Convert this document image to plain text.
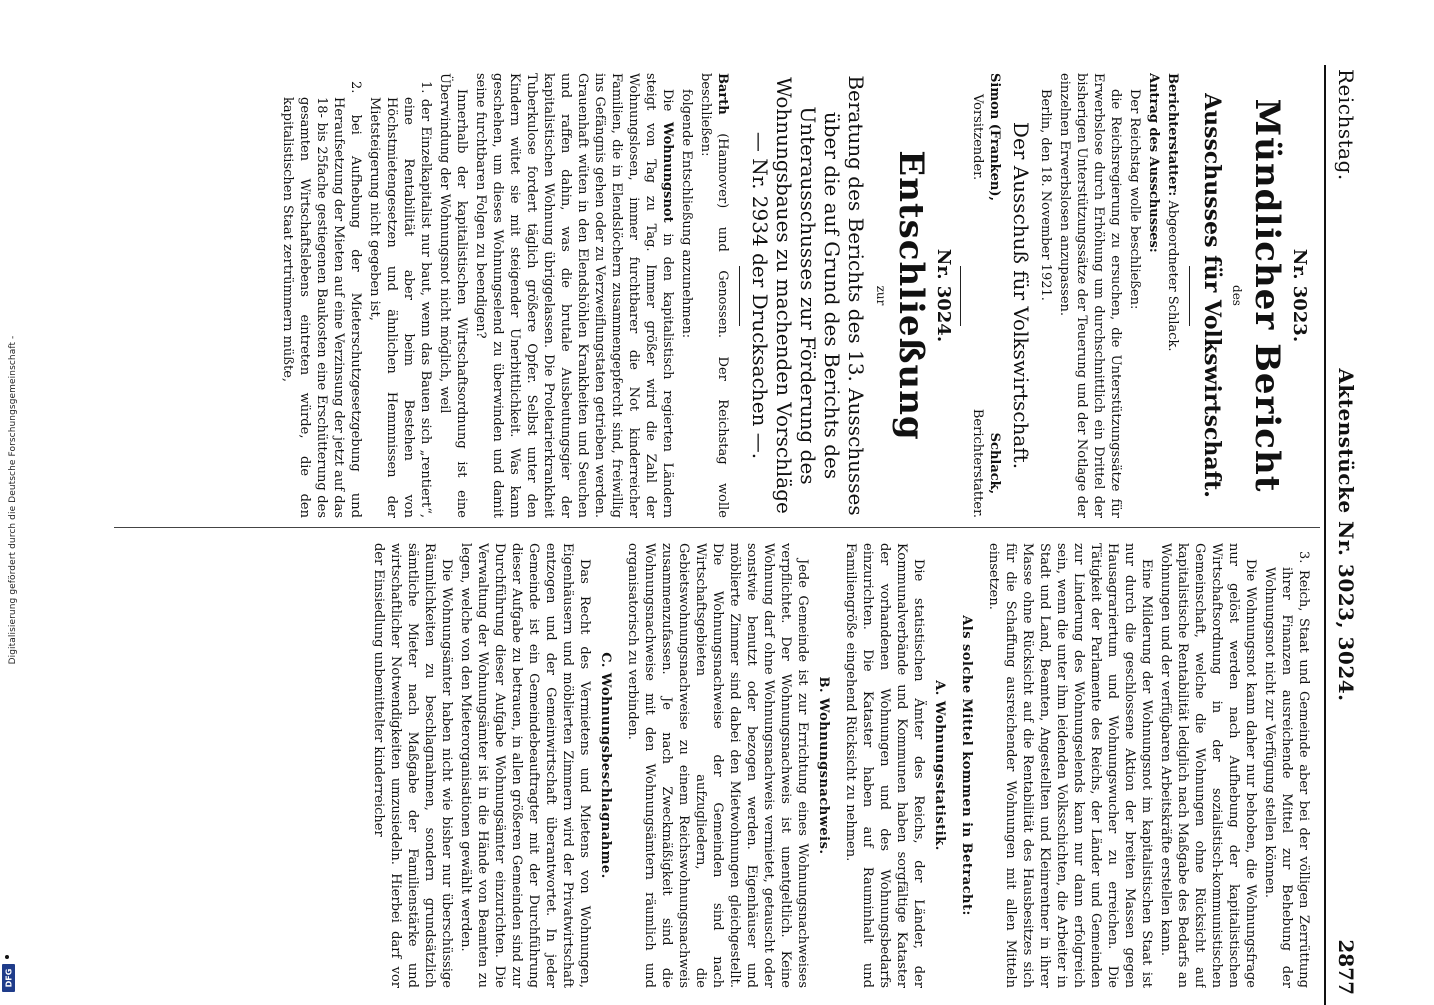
Digitalisierung gefördert durch die Deutsche Forschungsgemeinschaft -
DFG
Reichstag.
Aktenstücke Nr. 3023, 3024.
2877
Nr. 3023.
Mündlicher Bericht
des
Ausschusses für Volkswirtschaft.
Berichterstatter: Abgeordneter Schlack.
Antrag des Ausschusses:
Der Reichstag wolle beschließen:
die Reichsregierung zu ersuchen, die Unterstützungssätze für Erwerbslose durch Erhöhung um durchschnittlich ein Drittel der bisherigen Unterstützungssätze der Teuerung und der Notlage der einzelnen Erwerbslosen anzupassen.
Berlin, den 18. November 1921.
Der Ausschuß für Volkswirtschaft.
Simon (Franken),
Vorsitzender.
Schlack,
Berichterstatter.
Nr. 3024.
Entschließung
zur
Beratung des Berichts des 13. Ausschusses über die auf Grund des Berichts des Unterausschusses zur Förderung des Wohnungsbaues zu machenden Vorschläge — Nr. 2934 der Drucksachen —.
Barth (Hannover) und Genossen. Der Reichstag wolle beschließen:
folgende Entschließung anzunehmen:
Die Wohnungsnot in den kapitalistisch regierten Ländern steigt von Tag zu Tag. Immer größer wird die Zahl der Wohnungslosen, immer furchtbarer die Not kinderreicher Familien, die in Elendslöchern zusammengepfercht sind, freiwillig ins Gefängnis gehen oder zu Verzweiflungstaten getrieben werden. Grauenhaft wüten in den Elendshöhlen Krankheiten und Seuchen und raffen dahin, was die brutale Ausbeutungsgier der kapitalistischen Wohnung übriggelassen. Die Proletarierkrankheit Tuberkulose fordert täglich größere Opfer. Selbst unter den Kindern wütet sie mit steigender Unerbittlichkeit. Was kann geschehen, um dieses Wohnungselend zu überwinden und damit seine furchtbaren Folgen zu beendigen?
Innerhalb der kapitalistischen Wirtschaftsordnung ist eine Überwindung der Wohnungsnot nicht möglich, weil
1. der Einzelkapitalist nur baut, wenn das Bauen sich „rentiert“, eine Rentabilität aber beim Bestehen von Höchstmietengesetzen und ähnlichen Hemmnissen der Mietsteigerung nicht gegeben ist,
2. bei Aufhebung der Mieterschutzgesetzgebung und Heraufsetzung der Mieten auf eine Verzinsung der jetzt auf das 18- bis 25fache gestiegenen Baukosten eine Erschütterung des gesamten Wirtschaftslebens eintreten würde, die den kapitalistischen Staat zertrümmern müßte,
3. Reich, Staat und Gemeinde aber bei der völligen Zerrüttung ihrer Finanzen ausreichende Mittel zur Behebung der Wohnungsnot nicht zur Verfügung stellen können.
Die Wohnungsnot kann daher nur behoben, die Wohnungsfrage nur gelöst werden nach Aufhebung der kapitalistischen Wirtschaftsordnung in der sozialistisch-kommunistischen Gemeinschaft, welche die Wohnungen ohne Rücksicht auf kapitalistische Rentabilität lediglich nach Maßgabe des Bedarfs an Wohnungen und der verfügbaren Arbeitskräfte erstellen kann.
Eine Milderung der Wohnungsnot im kapitalistischen Staat ist nur durch die geschlossene Aktion der breiten Massen gegen Hausagrariertum und Wohnungswucher zu erreichen. Die Tätigkeit der Parlamente des Reichs, der Länder und Gemeinden zur Linderung des Wohnungselends kann nur dann erfolgreich sein, wenn die unter ihm leidenden Volksschichten, die Arbeiter in Stadt und Land, Beamten, Angestellten und Kleinrentner in ihrer Masse ohne Rücksicht auf die Rentabilität des Hausbesitzes sich für die Schaffung ausreichender Wohnungen mit allen Mitteln einsetzen.
Als solche Mittel kommen in Betracht:
A. Wohnungsstatistik.
Die statistischen Ämter des Reichs, der Länder, der Kommunalverbände und Kommunen haben sorgfältige Kataster der vorhandenen Wohnungen und des Wohnungsbedarfs einzurichten. Die Kataster haben auf Rauminhalt und Familiengröße eingehend Rücksicht zu nehmen.
B. Wohnungsnachweis.
Jede Gemeinde ist zur Errichtung eines Wohnungsnachweises verpflichtet. Der Wohnungsnachweis ist unentgeltlich. Keine Wohnung darf ohne Wohnungsnachweis vermietet, getauscht oder sonstwie benutzt oder bezogen werden. Eigenhäuser und möblierte Zimmer sind dabei den Mietwohnungen gleichgestellt. Die Wohnungsnachweise der Gemeinden sind nach Wirtschaftsgebieten aufzugliedern, die Gebietswohnungsnachweise zu einem Reichswohnungsnachweis zusammenzufassen. Je nach Zweckmäßigkeit sind die Wohnungsnachweise mit den Wohnungsämtern räumlich und organisatorisch zu verbinden.
C. Wohnungsbeschlagnahme.
Das Recht des Vermietens und Mietens von Wohnungen, Eigenhäusern und möblierten Zimmern wird der Privatwirtschaft entzogen und der Gemeinwirtschaft überantwortet. In jeder Gemeinde ist ein Gemeindebeauftragter mit der Durchführung dieser Aufgabe zu betrauen, in allen größeren Gemeinden sind zur Durchführung dieser Aufgabe Wohnungsämter einzurichten. Die Verwaltung der Wohnungsämter ist in die Hände von Beamten zu legen, welche von den Mieterorganisationen gewählt werden.
Die Wohnungsämter haben nicht wie bisher nur überschüssige Räumlichkeiten zu beschlagnahmen, sondern grundsätzlich sämtliche Mieter nach Maßgabe der Familienstärke und wirtschaftlicher Notwendigkeiten umzusiedeln. Hierbei darf vor der Einsiedlung unbemittelter kinderreicher
